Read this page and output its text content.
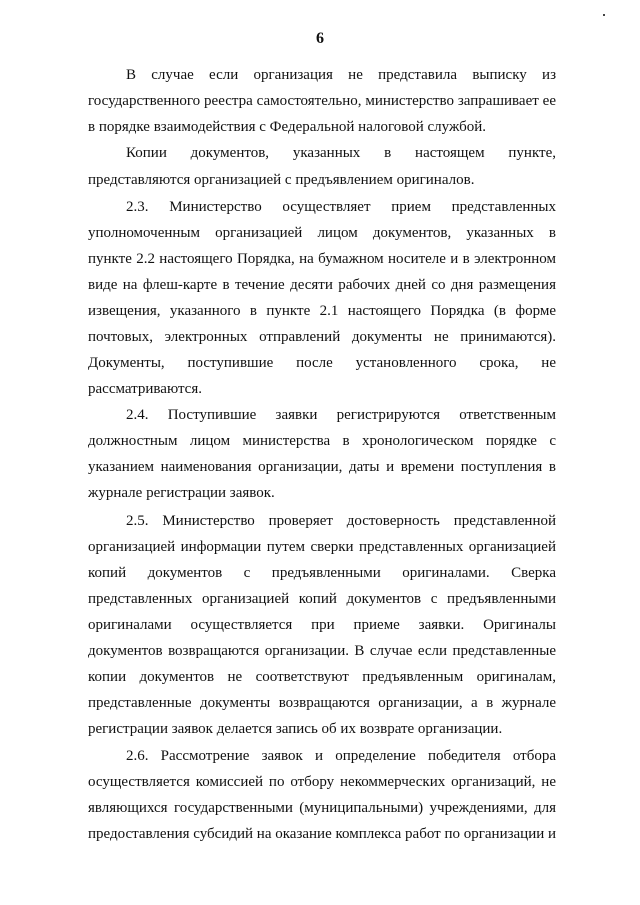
6
В случае если организация не представила выписку из
государственного реестра самостоятельно, министерство запрашивает ее
в порядке взаимодействия с Федеральной налоговой службой.
Копии документов, указанных в настоящем пункте,
представляются организацией с предъявлением оригиналов.
2.3. Министерство осуществляет прием представленных
уполномоченным организацией лицом документов, указанных в
пункте 2.2 настоящего Порядка, на бумажном носителе и в электронном
виде на флеш-карте в течение десяти рабочих дней со дня размещения
извещения, указанного в пункте 2.1 настоящего Порядка (в форме
почтовых, электронных отправлений документы не принимаются).
Документы, поступившие после установленного срока, не
рассматриваются.
2.4. Поступившие заявки регистрируются ответственным
должностным лицом министерства в хронологическом порядке с
указанием наименования организации, даты и времени поступления в
журнале регистрации заявок.
2.5. Министерство проверяет достоверность представленной
организацией информации путем сверки представленных организацией
копий документов с предъявленными оригиналами. Сверка
представленных организацией копий документов с предъявленными
оригиналами осуществляется при приеме заявки. Оригиналы
документов возвращаются организации. В случае если представленные
копии документов не соответствуют предъявленным оригиналам,
представленные документы возвращаются организации, а в журнале
регистрации заявок делается запись об их возврате организации.
2.6. Рассмотрение заявок и определение победителя отбора
осуществляется комиссией по отбору некоммерческих организаций, не
являющихся государственными (муниципальными) учреждениями, для
предоставления субсидий на оказание комплекса работ по организации и
